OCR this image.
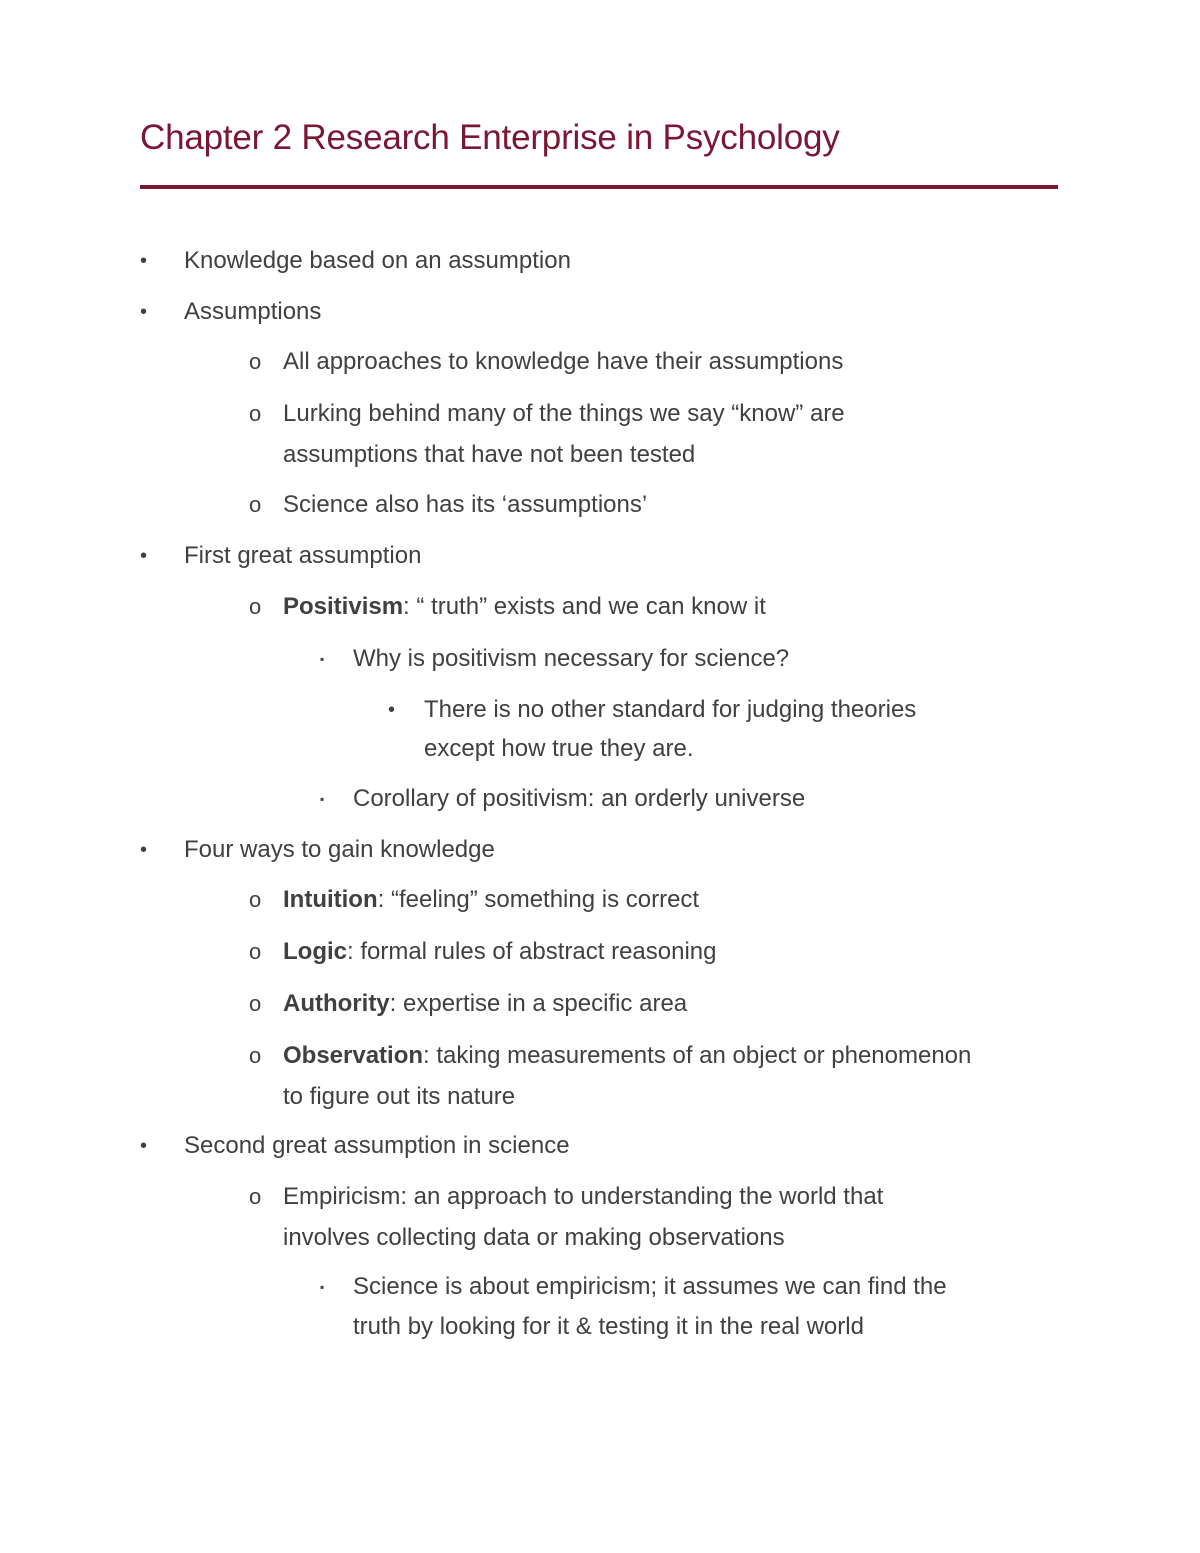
Chapter 2 Research Enterprise in Psychology
• Knowledge based on an assumption
• Assumptions
o All approaches to knowledge have their assumptions
o Lurking behind many of the things we say “know” are
assumptions that have not been tested
o Science also has its ‘assumptions’
• First great assumption
o Positivism: “ truth” exists and we can know it
▪ Why is positivism necessary for science?
• There is no other standard for judging theories
except how true they are.
▪ Corollary of positivism: an orderly universe
• Four ways to gain knowledge
o Intuition: “feeling” something is correct
o Logic: formal rules of abstract reasoning
o Authority: expertise in a specific area
o Observation: taking measurements of an object or phenomenon
to figure out its nature
• Second great assumption in science
o Empiricism: an approach to understanding the world that
involves collecting data or making observations
▪ Science is about empiricism; it assumes we can find the
truth by looking for it & testing it in the real world
